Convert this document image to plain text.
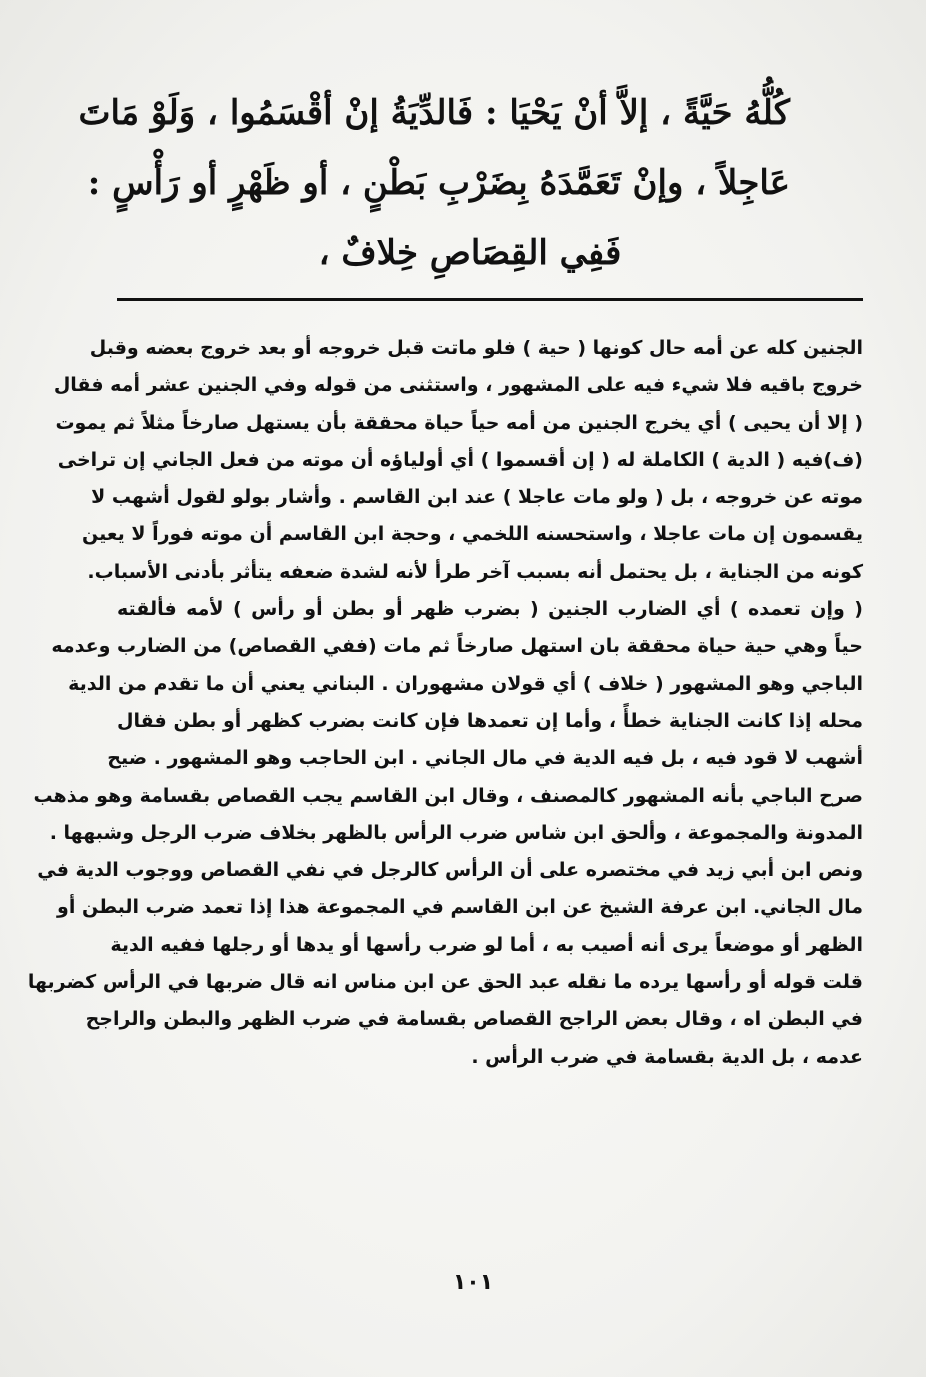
كُلُّهُ حَيَّةً ، إلاَّ أنْ يَحْيَا : فَالدِّيَةُ إنْ أقْسَمُوا ، وَلَوْ مَاتَ
عَاجِلاً ، وإنْ تَعَمَّدَهُ بِضَرْبِ بَطْنٍ ، أو ظَهْرٍ أو رَأْسٍ :
فَفِي القِصَاصِ خِلافٌ ،
الجنين كله عن أمه حال كونها ( حية ) فلو ماتت قبل خروجه أو بعد خروج بعضه وقبل
خروج باقيه فلا شيء فيه على المشهور ، واستثنى من قوله وفي الجنين عشر أمه فقال
( إلا أن يحيى ) أي يخرج الجنين من أمه حياً حياة محققة بأن يستهل صارخاً مثلاً ثم يموت
(ف)فيه ( الدية ) الكاملة له ( إن أقسموا ) أي أولياؤه أن موته من فعل الجاني إن تراخى
موته عن خروجه ، بل ( ولو مات عاجلا ) عند ابن القاسم . وأشار بولو لقول أشهب لا
يقسمون إن مات عاجلا ، واستحسنه اللخمي ، وحجة ابن القاسم أن موته فوراً لا يعين
كونه من الجناية ، بل يحتمل أنه بسبب آخر طرأ لأنه لشدة ضعفه يتأثر بأدنى الأسباب.
( وإن تعمده ) أي الضارب الجنين ( بضرب ظهر أو بطن أو رأس ) لأمه فألقته
حياً وهي حية حياة محققة بان استهل صارخاً ثم مات (ففي القصاص) من الضارب وعدمه
الباجي وهو المشهور ( خلاف ) أي قولان مشهوران . البناني يعني أن ما تقدم من الدية
محله إذا كانت الجناية خطأً ، وأما إن تعمدها فإن كانت بضرب كظهر أو بطن فقال
أشهب لا قود فيه ، بل فيه الدية في مال الجاني . ابن الحاجب وهو المشهور . ضيح
صرح الباجي بأنه المشهور كالمصنف ، وقال ابن القاسم يجب القصاص بقسامة وهو مذهب
المدونة والمجموعة ، وألحق ابن شاس ضرب الرأس بالظهر بخلاف ضرب الرجل وشبهها .
ونص ابن أبي زيد في مختصره على أن الرأس كالرجل في نفي القصاص ووجوب الدية في
مال الجاني. ابن عرفة الشيخ عن ابن القاسم في المجموعة هذا إذا تعمد ضرب البطن أو
الظهر أو موضعاً يرى أنه أصيب به ، أما لو ضرب رأسها أو يدها أو رجلها ففيه الدية
قلت قوله أو رأسها يرده ما نقله عبد الحق عن ابن مناس انه قال ضربها في الرأس كضربها
في البطن اه ، وقال بعض الراجح القصاص بقسامة في ضرب الظهر والبطن والراجح
عدمه ، بل الدية بقسامة في ضرب الرأس .
١٠١
